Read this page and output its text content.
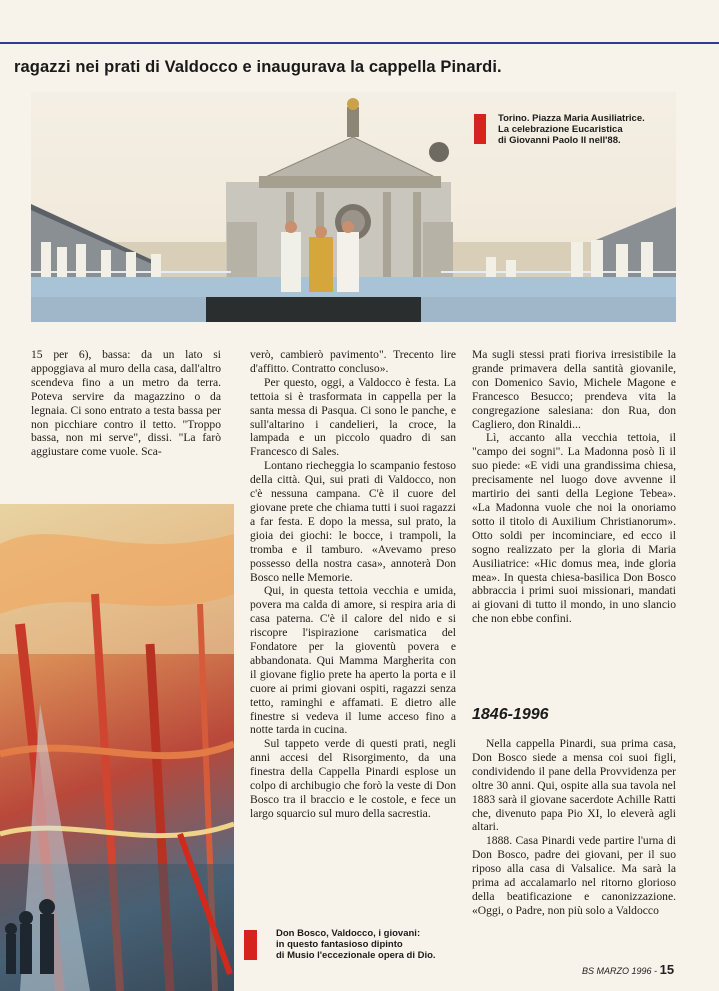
ragazzi nei prati di Valdocco e inaugurava la cappella Pinardi.
Torino. Piazza Maria Ausiliatrice.
La celebrazione Eucaristica
di Giovanni Paolo II nell'88.

15 per 6), bassa: da un lato si appoggiava al muro della casa, dall'altro scendeva fino a un metro da terra. Poteva servire da magazzino o da legnaia. Ci sono entrato a testa bassa per non picchiare contro il tetto. "Troppo bassa, non mi serve", dissi. "La farò aggiustare come vuole. Sca-

verò, cambierò pavimento". Trecento lire d'affitto. Contratto concluso».

Per questo, oggi, a Valdocco è festa. La tettoia si è trasformata in cappella per la santa messa di Pasqua. Ci sono le panche, e sull'altarino i candelieri, la croce, la lampada e un piccolo quadro di san Francesco di Sales.

Lontano riecheggia lo scampanio festoso della città. Qui, sui prati di Valdocco, non c'è nessuna campana. C'è il cuore del giovane prete che chiama tutti i suoi ragazzi a far festa. E dopo la messa, sul prato, la gioia dei giochi: le bocce, i trampoli, la tromba e il tamburo. «Avevamo preso possesso della nostra casa», annoterà Don Bosco nelle Memorie.

Qui, in questa tettoia vecchia e umida, povera ma calda di amore, si respira aria di casa paterna. C'è il calore del nido e si riscopre l'ispirazione carismatica del Fondatore per la gioventù povera e abbandonata. Qui Mamma Margherita con il giovane figlio prete ha aperto la porta e il cuore ai primi giovani ospiti, ragazzi senza tetto, raminghi e affamati. E dietro alle finestre si vedeva il lume acceso fino a notte tarda in cucina.

Sul tappeto verde di questi prati, negli anni accesi del Risorgimento, da una finestra della Cappella Pinardi esplose un colpo di archibugio che forò la veste di Don Bosco tra il braccio e le costole, e fece un largo squarcio sul muro della sacrestia.

Ma sugli stessi prati fioriva irresistibile la grande primavera della santità giovanile, con Domenico Savio, Michele Magone e Francesco Besucco; prendeva vita la congregazione salesiana: don Rua, don Cagliero, don Rinaldi...

Lì, accanto alla vecchia tettoia, il "campo dei sogni". La Madonna posò lì il suo piede: «E vidi una grandissima chiesa, precisamente nel luogo dove avvenne il martirio dei santi della Legione Tebea». «La Madonna vuole che noi la onoriamo sotto il titolo di Auxilium Christianorum». Otto soldi per incominciare, ed ecco il sogno realizzato per la gloria di Maria Ausiliatrice: «Hic domus mea, inde gloria mea». In questa chiesa-basilica Don Bosco abbraccia i primi suoi missionari, mandati ai giovani di tutto il mondo, in uno slancio che non ebbe confini.

1846-1996

Nella cappella Pinardi, sua prima casa, Don Bosco siede a mensa coi suoi figli, condividendo il pane della Provvidenza per oltre 30 anni. Qui, ospite alla sua tavola nel 1883 sarà il giovane sacerdote Achille Ratti che, divenuto papa Pio XI, lo eleverà agli altari.

1888. Casa Pinardi vede partire l'urna di Don Bosco, padre dei giovani, per il suo riposo alla casa di Valsalice. Ma sarà la prima ad accalamarlo nel ritorno glorioso della beatificazione e canonizzazione. «Oggi, o Padre, non più solo a Valdocco

Don Bosco, Valdocco, i giovani:
in questo fantasioso dipinto
di Musio l'eccezionale opera di Dio.
BS MARZO 1996 - 15
